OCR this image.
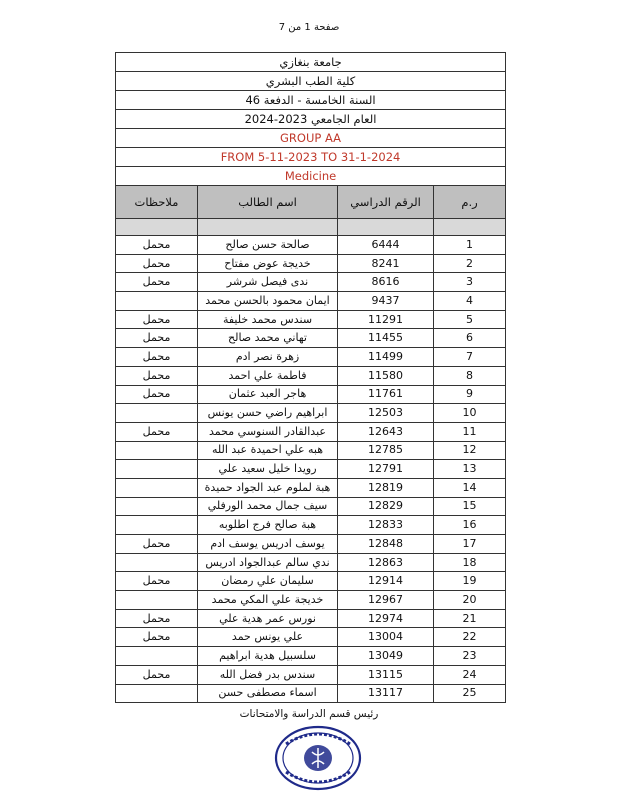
صفحة 1 من 7
جامعة بنغازي			
كلية الطب البشري			
السنة الخامسة - الدفعة 46			
العام الجامعي 2023-2024			
GROUP AA			
FROM 5-11-2023 TO 31-1-2024			
Medicine			
ملاحظات	اسم الطالب	الرقم الدراسي	ر.م

محمل	صالحة حسن صالح	6444	1
محمل	خديجة عوض مفتاح	8241	2
محمل	ندى فيصل شرشر	8616	3
	ايمان محمود بالحسن محمد	9437	4
محمل	سندس محمد خليفة	11291	5
محمل	تهاني محمد صالح	11455	6
محمل	زهرة نصر ادم	11499	7
محمل	فاطمة علي احمد	11580	8
محمل	هاجر العبد عثمان	11761	9
	ابراهيم راضي حسن يونس	12503	10
محمل	عبدالقادر السنوسي محمد	12643	11
	هبه علي احميدة عبد الله	12785	12
	رويدا خليل سعيد علي	12791	13
	هبة لملوم عبد الجواد حميدة	12819	14
	سيف جمال محمد الورفلي	12829	15
	هبة صالح فرج اطلوبه	12833	16
محمل	يوسف ادريس يوسف ادم	12848	17
	ندي سالم عبدالجواد ادريس	12863	18
محمل	سليمان علي رمضان	12914	19
	خديجة علي المكي محمد	12967	20
محمل	نورس عمر هدية علي	12974	21
محمل	علي يونس حمد	13004	22
	سلسبيل هدية ابراهيم	13049	23
محمل	سندس بدر فضل الله	13115	24
	اسماء مصطفى حسن	13117	25
رئيس قسم الدراسة والامتحانات
